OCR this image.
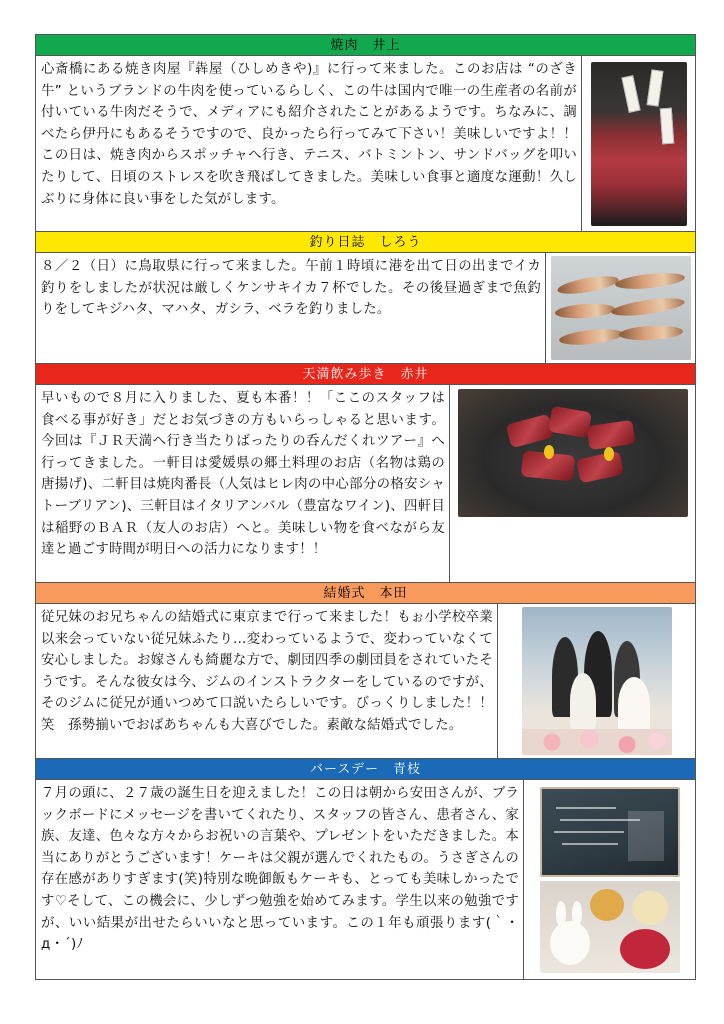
焼肉　井上
心斎橋にある焼き肉屋『犇屋（ひしめきや)』に行って来ました。このお店は “のざき牛” というブランドの牛肉を使っているらしく、この牛は国内で唯一の生産者の名前が付いている牛肉だそうで、メディアにも紹介されたことがあるようです。ちなみに、調べたら伊丹にもあるそうですので、良かったら行ってみて下さい！美味しいですよ！！この日は、焼き肉からスポッチャへ行き、テニス、バトミントン、サンドバッグを叩いたりして、日頃のストレスを吹き飛ばしてきました。美味しい食事と適度な運動！久しぶりに身体に良い事をした気がします。
釣り日誌　しろう
８／２（日）に鳥取県に行って来ました。午前１時頃に港を出て日の出までイカ釣りをしましたが状況は厳しくケンサキイカ７杯でした。その後昼過ぎまで魚釣りをしてキジハタ、マハタ、ガシラ、ベラを釣りました。
天満飲み歩き　赤井
早いもので８月に入りました、夏も本番！！「ここのスタッフは食べる事が好き」だとお気づきの方もいらっしゃると思います。今回は『ＪＲ天満へ行き当たりばったりの呑んだくれツアー』へ行ってきました。一軒目は愛媛県の郷土料理のお店（名物は鶏の唐揚げ)、二軒目は焼肉番長（人気はヒレ肉の中心部分の格安シャトーブリアン)、三軒目はイタリアンバル（豊富なワイン)、四軒目は稲野のＢＡＲ（友人のお店）へと。美味しい物を食べながら友達と過ごす時間が明日への活力になります！！
結婚式　本田
従兄妹のお兄ちゃんの結婚式に東京まで行って来ました！もぉ小学校卒業以来会っていない従兄妹ふたり…変わっているようで、変わっていなくて安心しました。お嫁さんも綺麗な方で、劇団四季の劇団員をされていたそうです。そんな彼女は今、ジムのインストラクターをしているのですが、そのジムに従兄が通いつめて口説いたらしいです。びっくりしました！！笑　孫勢揃いでおばあちゃんも大喜びでした。素敵な結婚式でした。
バースデー　青枝
７月の頭に、２７歳の誕生日を迎えました！この日は朝から安田さんが、ブラックボードにメッセージを書いてくれたり、スタッフの皆さん、患者さん、家族、友達、色々な方々からお祝いの言葉や、プレゼントをいただきました。本当にありがとうございます！ケーキは父親が選んでくれたもの。うさぎさんの存在感がありすぎます(笑)特別な晩御飯もケーキも、とっても美味しかったです♡そして、この機会に、少しずつ勉強を始めてみます。学生以来の勉強ですが、いい結果が出せたらいいなと思っています。この１年も頑張ります(｀・д・´)ﾉ
